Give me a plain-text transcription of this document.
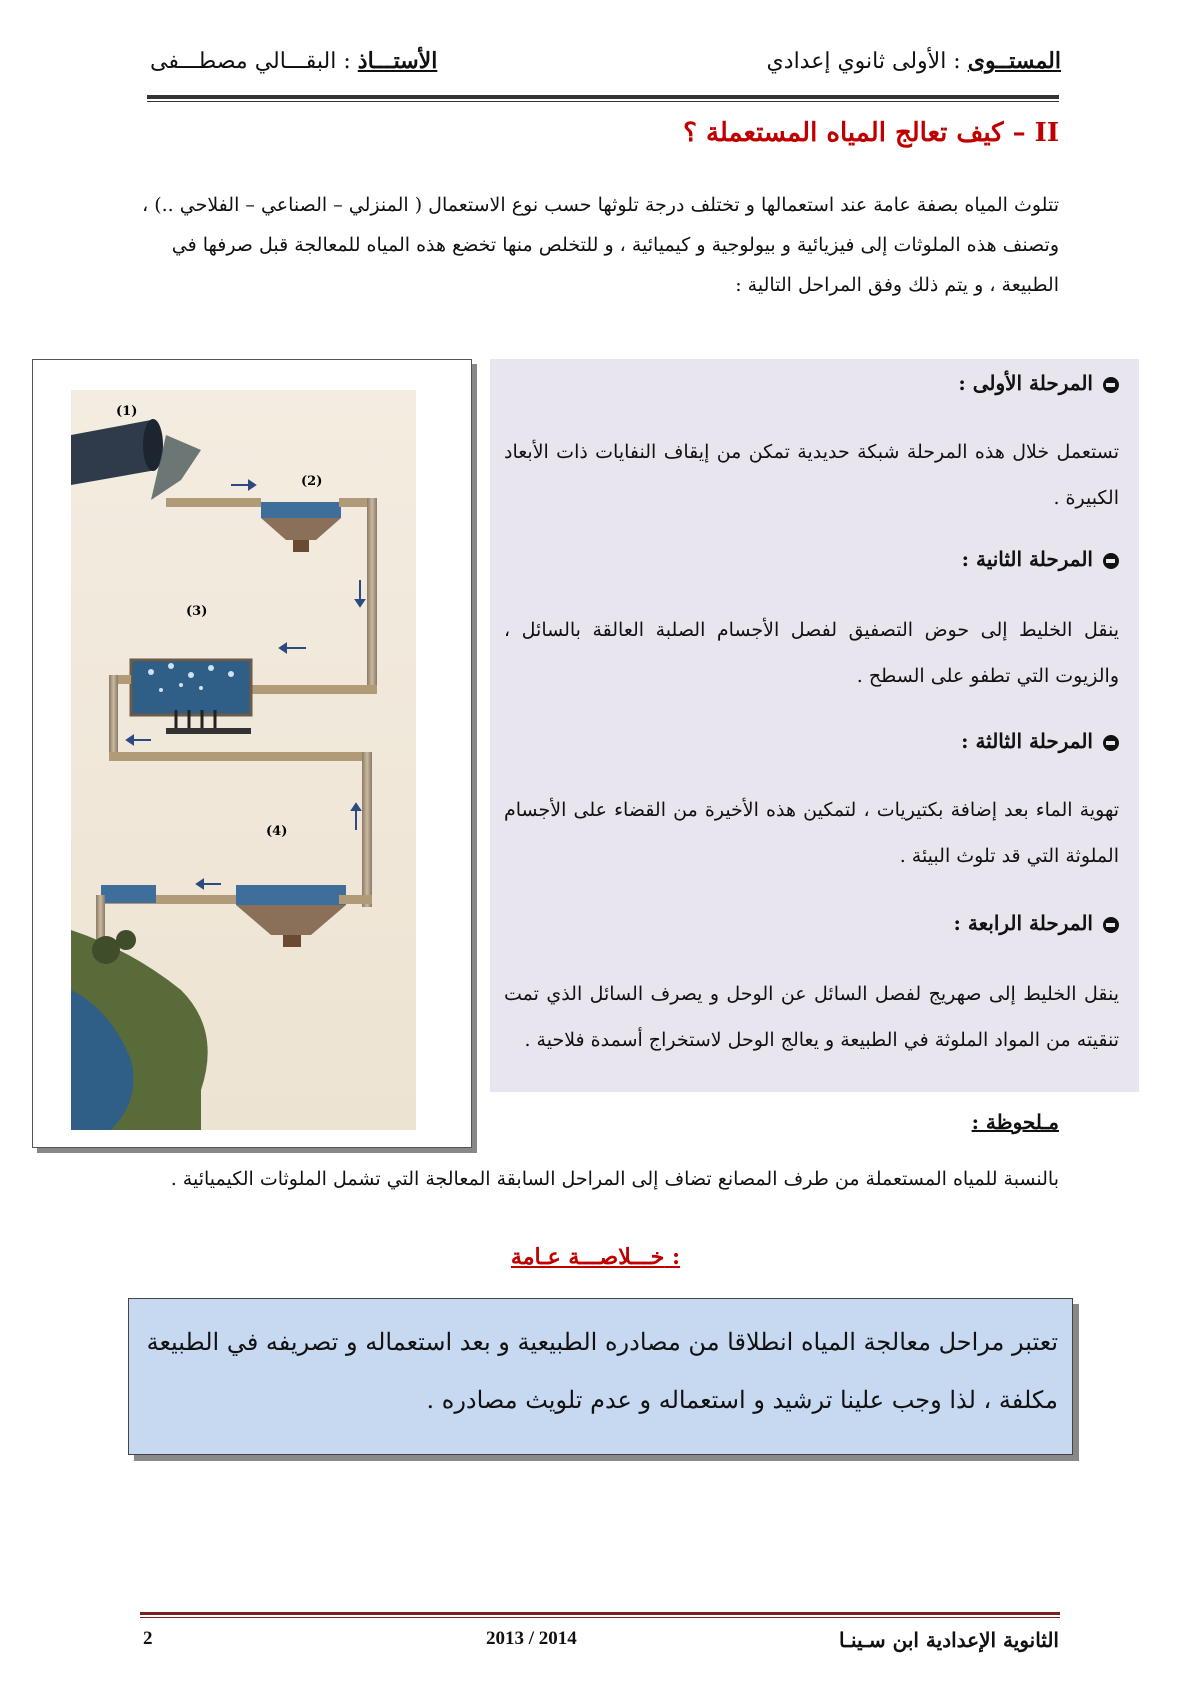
المستــوى : الأولى ثانوي إعدادي
الأستـــاذ : البقـــالي مصطـــفى
II – كيف تعالج المياه المستعملة ؟
تتلوث المياه بصفة عامة عند استعمالها و تختلف درجة تلوثها حسب نوع الاستعمال ( المنزلي – الصناعي – الفلاحي ..) ، وتصنف هذه الملوثات إلى فيزيائية و بيولوجية و كيميائية ، و للتخلص منها تخضع هذه المياه للمعالجة قبل صرفها في الطبيعة ، و يتم ذلك وفق المراحل التالية :
(1)
(2)
(3)
(4)
المرحلة الأولى :
تستعمل خلال هذه المرحلة شبكة حديدية تمكن من إيقاف النفايات ذات الأبعاد الكبيرة .
المرحلة الثانية :
ينقل الخليط إلى حوض التصفيق لفصل الأجسام الصلبة العالقة بالسائل ، والزيوت التي تطفو على السطح .
المرحلة الثالثة :
تهوية الماء بعد إضافة بكتيريات ، لتمكين هذه الأخيرة من القضاء على الأجسام الملوثة التي قد تلوث البيئة .
المرحلة الرابعة :
ينقل الخليط إلى صهريج لفصل السائل عن الوحل و يصرف السائل الذي تمت تنقيته من المواد الملوثة في الطبيعة و يعالج الوحل لاستخراج أسمدة فلاحية .
مـلحوظة :
بالنسبة للمياه المستعملة من طرف المصانع تضاف إلى المراحل السابقة المعالجة التي تشمل الملوثات الكيميائية .
خـــلاصـــة عـامة :
تعتبر مراحل معالجة المياه انطلاقا من مصادره الطبيعية و بعد استعماله و تصريفه في الطبيعة مكلفة ، لذا وجب علينا ترشيد و استعماله و عدم تلويث مصادره .
الثانوية الإعدادية ابن سـينـا
2013 / 2014
2
